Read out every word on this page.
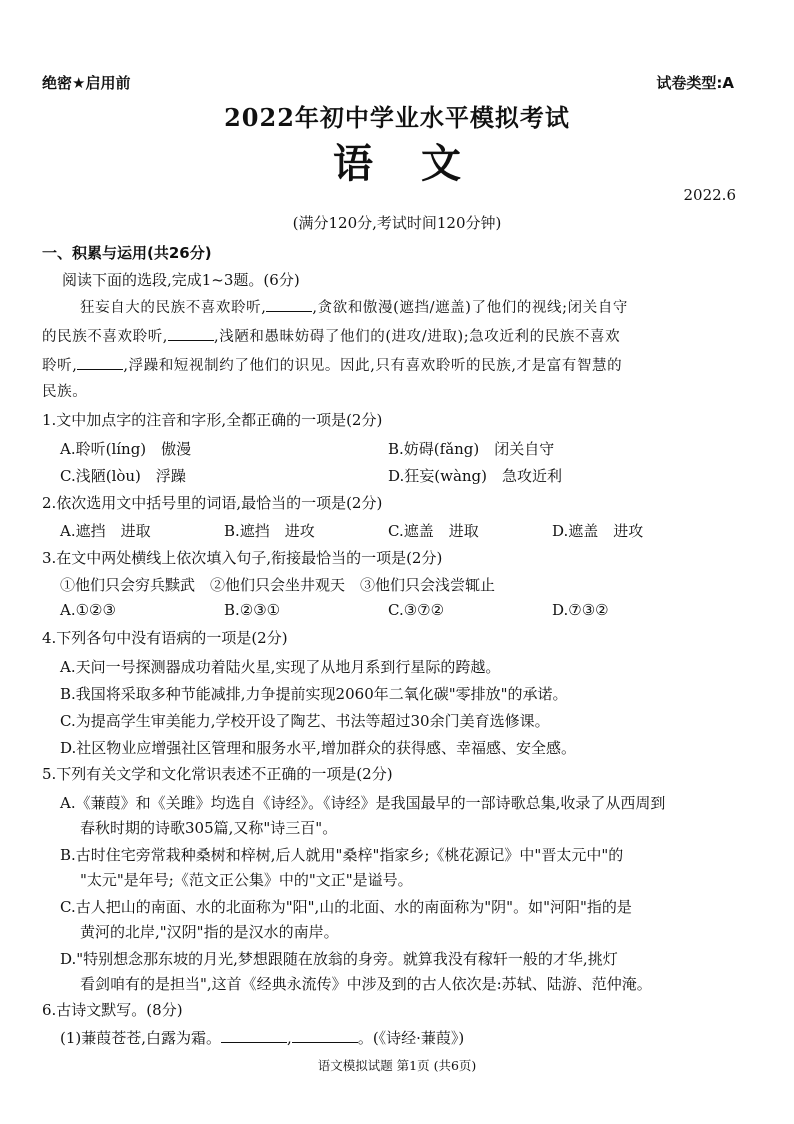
绝密★启用前	试卷类型:A
2022年初中学业水平模拟考试
语文
2022.6
(满分120分,考试时间120分钟)
一、积累与运用(共26分)
阅读下面的选段,完成1~3题。(6分)
狂妄自大的民族不喜欢聆听,	,贪欲和傲漫(遮挡/遮盖)了他们的视线;闭关自守
的民族不喜欢聆听,	,浅陋和愚昧妨碍了他们的(进攻/进取);急攻近利的民族不喜欢
聆听,	,浮躁和短视制约了他们的识见。因此,只有喜欢聆听的民族,才是富有智慧的
民族。
1.文中加点字的注音和字形,全都正确的一项是(2分)
A.聆听(líng)　傲漫	B.妨碍(fǎng)　闭关自守
C.浅陋(lòu)　浮躁	D.狂妄(wàng)　急攻近利
2.依次选用文中括号里的词语,最恰当的一项是(2分)
A.遮挡　进取	B.遮挡　进攻	C.遮盖　进取	D.遮盖　进攻
3.在文中两处横线上依次填入句子,衔接最恰当的一项是(2分)
①他们只会穷兵黩武　②他们只会坐井观天　③他们只会浅尝辄止
A.①②③	B.②③①	C.③⑦②	D.⑦③②
4.下列各句中没有语病的一项是(2分)
A.天问一号探测器成功着陆火星,实现了从地月系到行星际的跨越。
B.我国将采取多种节能减排,力争提前实现2060年二氧化碳"零排放"的承诺。
C.为提高学生审美能力,学校开设了陶艺、书法等超过30余门美育选修课。
D.社区物业应增强社区管理和服务水平,增加群众的获得感、幸福感、安全感。
5.下列有关文学和文化常识表述不正确的一项是(2分)
A.《蒹葭》和《关雎》均选自《诗经》。《诗经》是我国最早的一部诗歌总集,收录了从西周到
春秋时期的诗歌305篇,又称"诗三百"。
B.古时住宅旁常栽种桑树和梓树,后人就用"桑梓"指家乡;《桃花源记》中"晋太元中"的
"太元"是年号;《范文正公集》中的"文正"是谥号。
C.古人把山的南面、水的北面称为"阳",山的北面、水的南面称为"阴"。如"河阳"指的是
黄河的北岸,"汉阴"指的是汉水的南岸。
D."特别想念那东坡的月光,梦想跟随在放翁的身旁。就算我没有稼轩一般的才华,挑灯
看剑咱有的是担当",这首《经典永流传》中涉及到的古人依次是:苏轼、陆游、范仲淹。
6.古诗文默写。(8分)
(1)蒹葭苍苍,白露为霜。	,	。(《诗经·蒹葭》)
语文模拟试题 第1页 (共6页)
